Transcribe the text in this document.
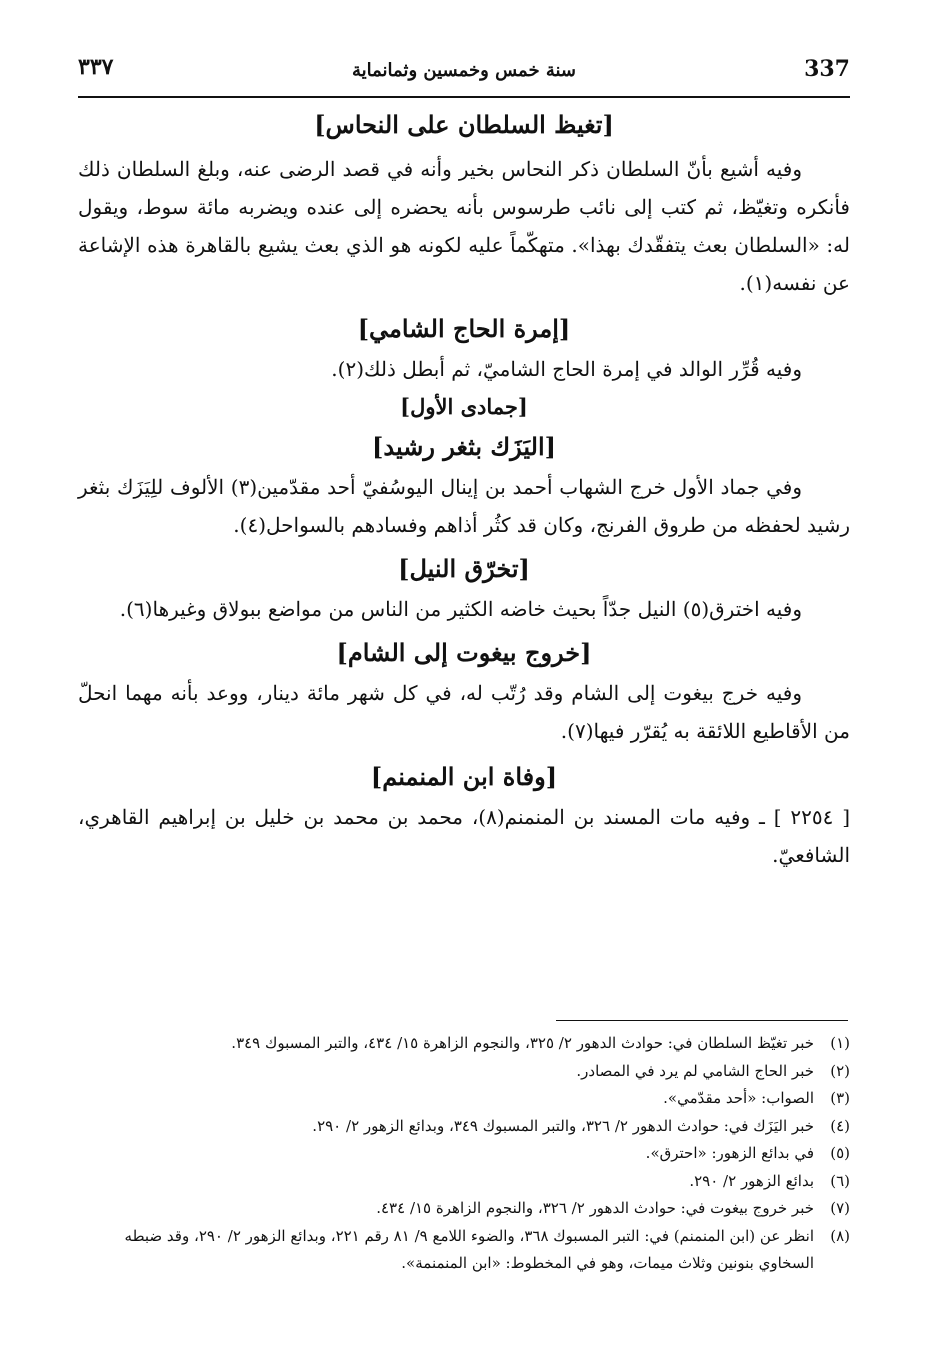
337
سنة خمس وخمسين وثمانماية
٣٣٧
[تغيظ السلطان على النحاس]

وفيه أشيع بأنّ السلطان ذكر النحاس بخير وأنه في قصد الرضى عنه، وبلغ السلطان ذلك فأنكره وتغيّظ، ثم كتب إلى نائب طرسوس بأنه يحضره إلى عنده ويضربه مائة سوط، ويقول له: «السلطان بعث يتفقّدك بهذا». متهكّماً عليه لكونه هو الذي بعث يشيع بالقاهرة هذه الإشاعة عن نفسه(١).

[إمرة الحاج الشامي]

وفيه قُرِّر الوالد في إمرة الحاج الشاميّ، ثم أبطل ذلك(٢).

[جمادى الأول]
[اليَزَك بثغر رشيد]

وفي جماد الأول خرج الشهاب أحمد بن إينال اليوسُفيّ أحد مقدّمين(٣) الألوف للِيَزَك بثغر رشيد لحفظه من طروق الفرنج، وكان قد كثُر أذاهم وفسادهم بالسواحل(٤).

[تخرّق النيل]

وفيه اخترق(٥) النيل جدّاً بحيث خاضه الكثير من الناس من مواضع ببولاق وغيرها(٦).

[خروج بيغوت إلى الشام]

وفيه خرج بيغوت إلى الشام وقد رُتّب له، في كل شهر مائة دينار، ووعد بأنه مهما انحلّ من الأقاطيع اللائقة به يُقرّر فيها(٧).

[وفاة ابن المنمنم]

[ ٢٢٥٤ ] ـ وفيه مات المسند بن المنمنم(٨)، محمد بن محمد بن خليل بن إبراهيم القاهري، الشافعيّ.

(١)
خبر تغيّظ السلطان في: حوادث الدهور ٢/ ٣٢٥، والنجوم الزاهرة ١٥/ ٤٣٤، والتبر المسبوك ٣٤٩.
(٢)
خبر الحاج الشامي لم يرد في المصادر.
(٣)
الصواب: «أحد مقدّمي».
(٤)
خبر اليَزَك في: حوادث الدهور ٢/ ٣٢٦، والتبر المسبوك ٣٤٩، وبدائع الزهور ٢/ ٢٩٠.
(٥)
في بدائع الزهور: «احترق».
(٦)
بدائع الزهور ٢/ ٢٩٠.
(٧)
خبر خروج بيغوت في: حوادث الدهور ٢/ ٣٢٦، والنجوم الزاهرة ١٥/ ٤٣٤.
(٨)
انظر عن (ابن المنمنم) في: التبر المسبوك ٣٦٨، والضوء اللامع ٩/ ٨١ رقم ٢٢١، وبدائع الزهور ٢/ ٢٩٠، وقد ضبطه السخاوي بنونين وثلاث ميمات، وهو في المخطوط: «ابن المنمنمة».
